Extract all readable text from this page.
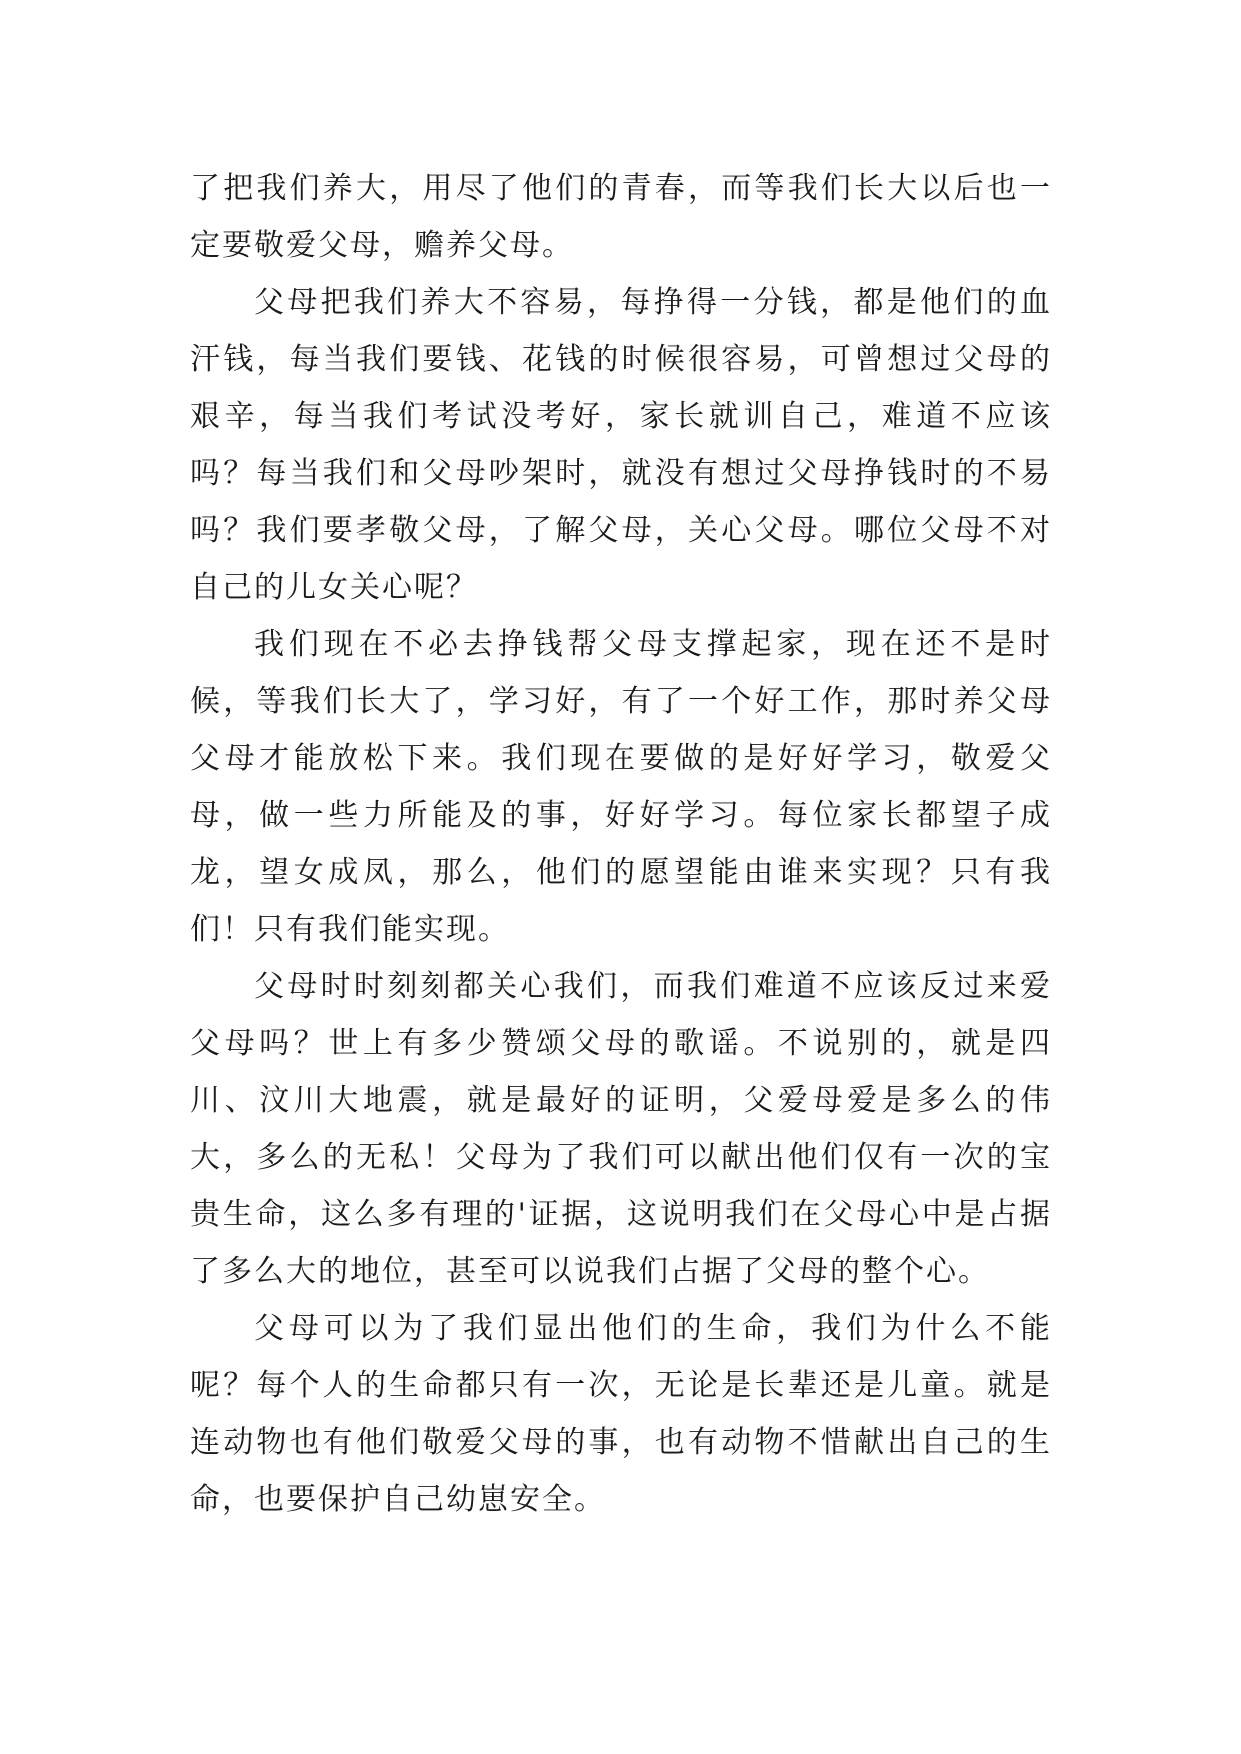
了把我们养大，用尽了他们的青春，而等我们长大以后也一定要敬爱父母，赡养父母。

父母把我们养大不容易，每挣得一分钱，都是他们的血汗钱，每当我们要钱、花钱的时候很容易，可曾想过父母的艰辛，每当我们考试没考好，家长就训自己，难道不应该吗？每当我们和父母吵架时，就没有想过父母挣钱时的不易吗？我们要孝敬父母，了解父母，关心父母。哪位父母不对自己的儿女关心呢？

我们现在不必去挣钱帮父母支撑起家，现在还不是时候，等我们长大了，学习好，有了一个好工作，那时养父母父母才能放松下来。我们现在要做的是好好学习，敬爱父母，做一些力所能及的事，好好学习。每位家长都望子成龙，望女成凤，那么，他们的愿望能由谁来实现？只有我们！只有我们能实现。

父母时时刻刻都关心我们，而我们难道不应该反过来爱父母吗？世上有多少赞颂父母的歌谣。不说别的，就是四川、汶川大地震，就是最好的证明，父爱母爱是多么的伟大，多么的无私！父母为了我们可以献出他们仅有一次的宝贵生命，这么多有理的'证据，这说明我们在父母心中是占据了多么大的地位，甚至可以说我们占据了父母的整个心。

父母可以为了我们显出他们的生命，我们为什么不能呢？每个人的生命都只有一次，无论是长辈还是儿童。就是连动物也有他们敬爱父母的事，也有动物不惜献出自己的生命，也要保护自己幼崽安全。
